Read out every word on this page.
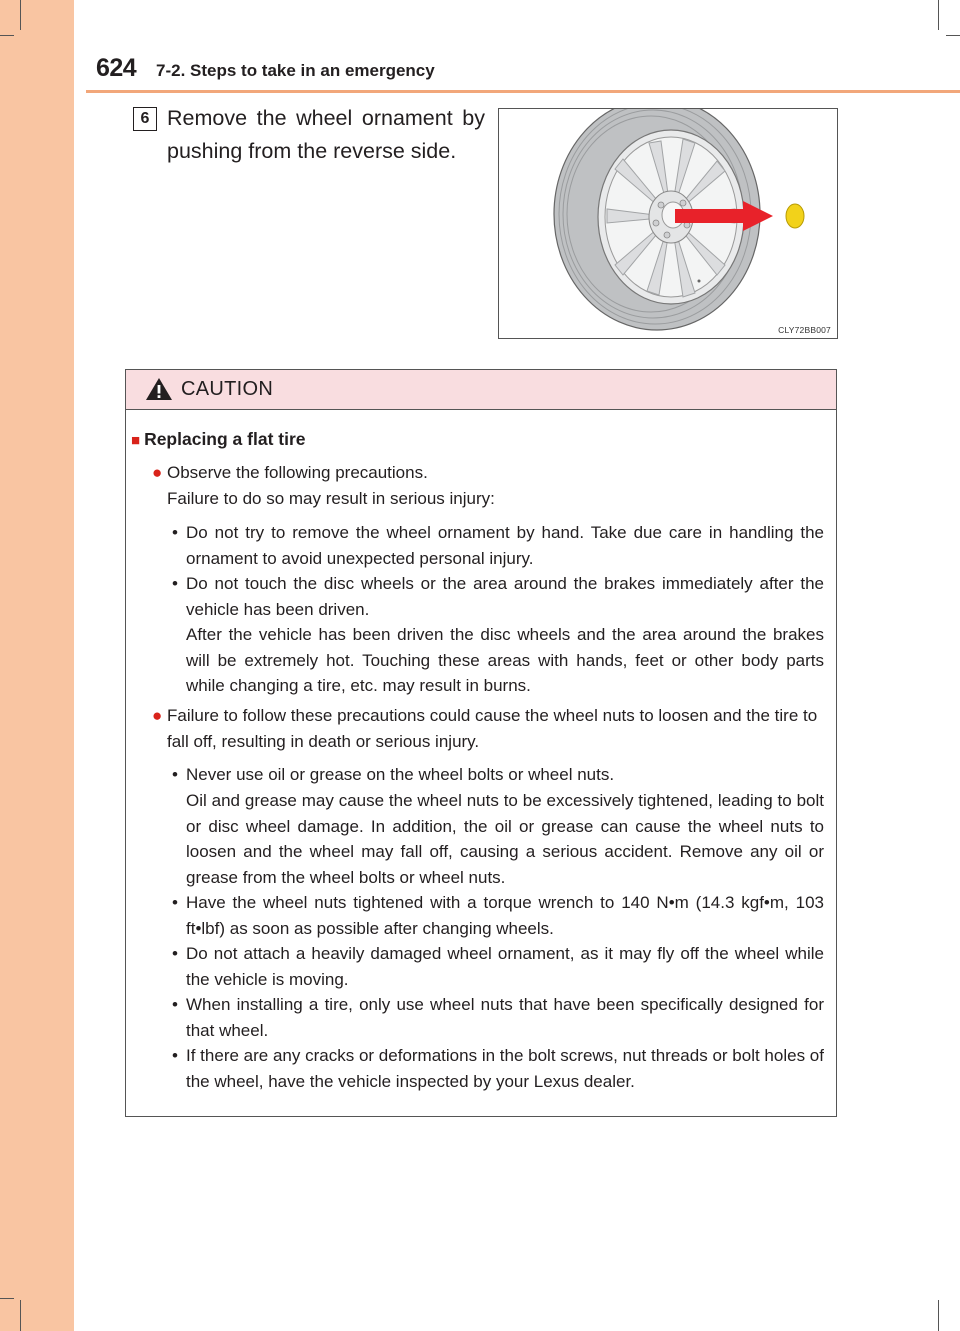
624 7-2. Steps to take in an emergency
6 Remove the wheel ornament by pushing from the reverse side.
CLY72BB007
CAUTION
■ Replacing a flat tire
● Observe the following precautions.
Failure to do so may result in serious injury:
• Do not try to remove the wheel ornament by hand. Take due care in handling the ornament to avoid unexpected personal injury.
• Do not touch the disc wheels or the area around the brakes immediately after the vehicle has been driven.
After the vehicle has been driven the disc wheels and the area around the brakes will be extremely hot. Touching these areas with hands, feet or other body parts while changing a tire, etc. may result in burns.
● Failure to follow these precautions could cause the wheel nuts to loosen and the tire to fall off, resulting in death or serious injury.
• Never use oil or grease on the wheel bolts or wheel nuts.
Oil and grease may cause the wheel nuts to be excessively tightened, leading to bolt or disc wheel damage. In addition, the oil or grease can cause the wheel nuts to loosen and the wheel may fall off, causing a serious accident. Remove any oil or grease from the wheel bolts or wheel nuts.
• Have the wheel nuts tightened with a torque wrench to 140 N•m (14.3 kgf•m, 103 ft•lbf) as soon as possible after changing wheels.
• Do not attach a heavily damaged wheel ornament, as it may fly off the wheel while the vehicle is moving.
• When installing a tire, only use wheel nuts that have been specifically designed for that wheel.
• If there are any cracks or deformations in the bolt screws, nut threads or bolt holes of the wheel, have the vehicle inspected by your Lexus dealer.
